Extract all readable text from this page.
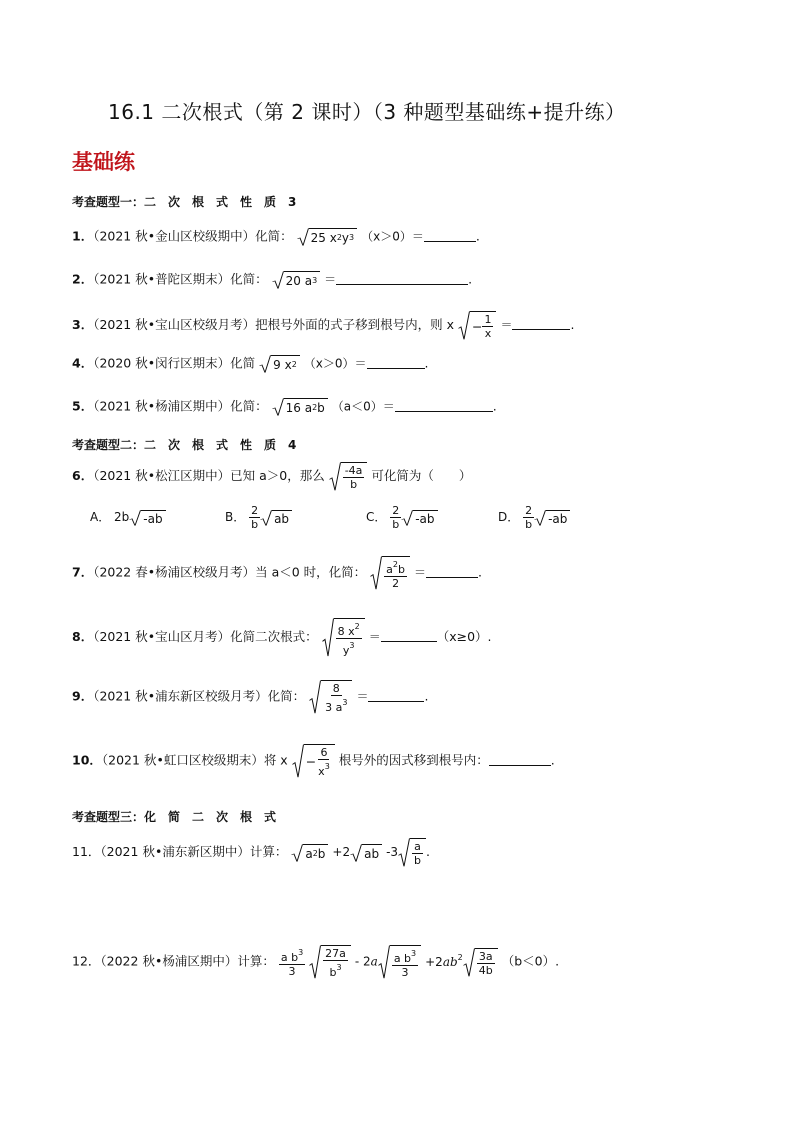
16.1 二次根式（第 2 课时）（3 种题型基础练+提升练）
基础练
考查题型一：二　次　根　式　性　质　3
1．（2021 秋•金山区校级期中）化简： 25 x 2 y 3 （x＞0）＝	.
2．（2021 秋•普陀区期末）化简： 20 a 3 ＝	.
3．（2021 秋•宝山区校级月考）把根号外面的式子移到根号内，则 $x - \frac{1}{x}$ ＝	.
4．（2020 秋•闵行区期末）化简 9 x 2 （x＞0）＝	.
5．（2021 秋•杨浦区期中）化简： 16 a 2 b （a＜0）＝	.
考查题型二：二　次　根　式　性　质　4
6．（2021 秋•松江区期中）已知 a＞0，那么 $\frac{-4a}{b}$ 可化简为（　　）
A． 2b -ab	B． $\frac{2}{b}$ ab	C． $\frac{2}{b} -ab$	D． $\frac{2}{b} -ab$
7．（2022 春•杨浦区校级月考）当 a＜0 时，化简： $\frac{a^2b}{2}$ ＝	.
8．（2021 秋•宝山区月考）化简二次根式： $\frac{8 x^2}{y^3}$ ＝	（x≥0）.
9．（2021 秋•浦东新区校级月考）化简： $\frac{8}{3 a^3}$ ＝	.
10．（2021 秋•虹口区校级期末）将 $x - \frac{6}{x^3}$ 根号外的因式移到根号内：	.
考查题型三：化　简　二　次　根　式
11．（2021 秋•浦东新区期中）计算： a 2 b +2 ab $-3 \frac{a}{b}$ .
12．（2022 秋•杨浦区期中）计算： $\frac{a b^3}{3}$
$\frac{27a}{b^3} - 2a \frac{a b^3}{3} +2ab^2 \frac{3a}{4b} (b<0)$.
